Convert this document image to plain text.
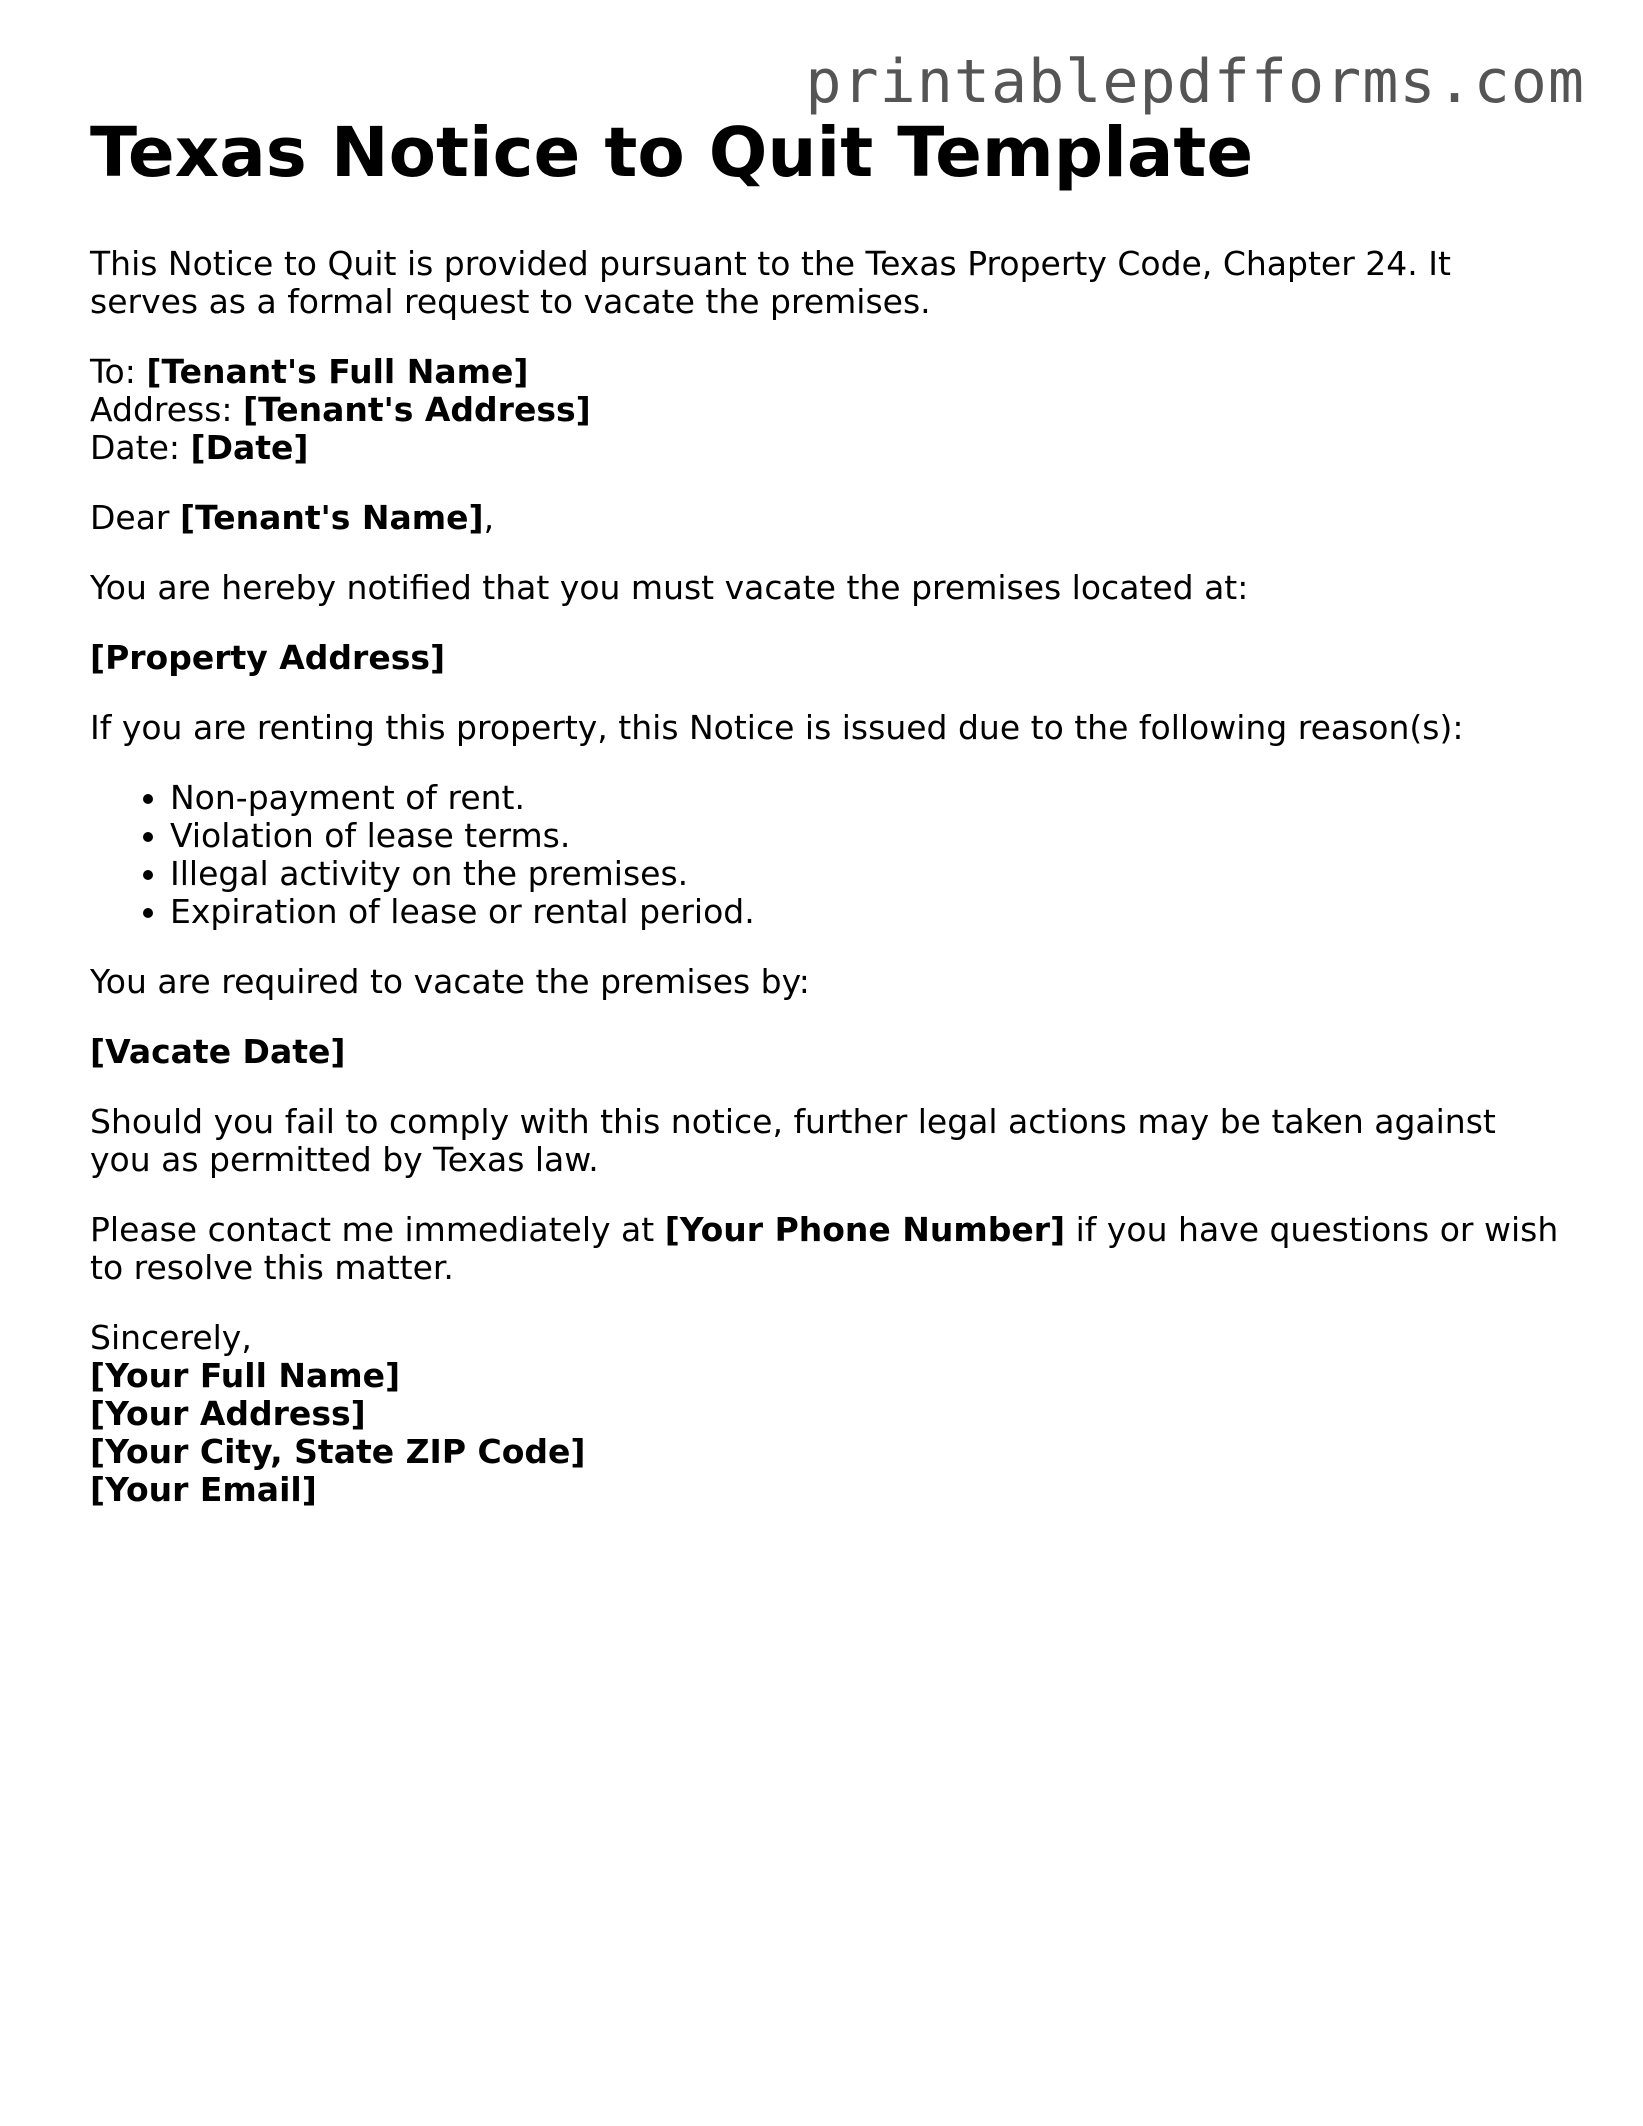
printablepdfforms.com
Texas Notice to Quit Template

This Notice to Quit is provided pursuant to the Texas Property Code, Chapter 24. It serves as a formal request to vacate the premises.

To: [Tenant's Full Name]
Address: [Tenant's Address]
Date: [Date]

Dear [Tenant's Name],

You are hereby notified that you must vacate the premises located at:

[Property Address]

If you are renting this property, this Notice is issued due to the following reason(s):

• Non-payment of rent.
• Violation of lease terms.
• Illegal activity on the premises.
• Expiration of lease or rental period.

You are required to vacate the premises by:

[Vacate Date]

Should you fail to comply with this notice, further legal actions may be taken against you as permitted by Texas law.

Please contact me immediately at [Your Phone Number] if you have questions or wish to resolve this matter.

Sincerely,
[Your Full Name]
[Your Address]
[Your City, State ZIP Code]
[Your Email]
